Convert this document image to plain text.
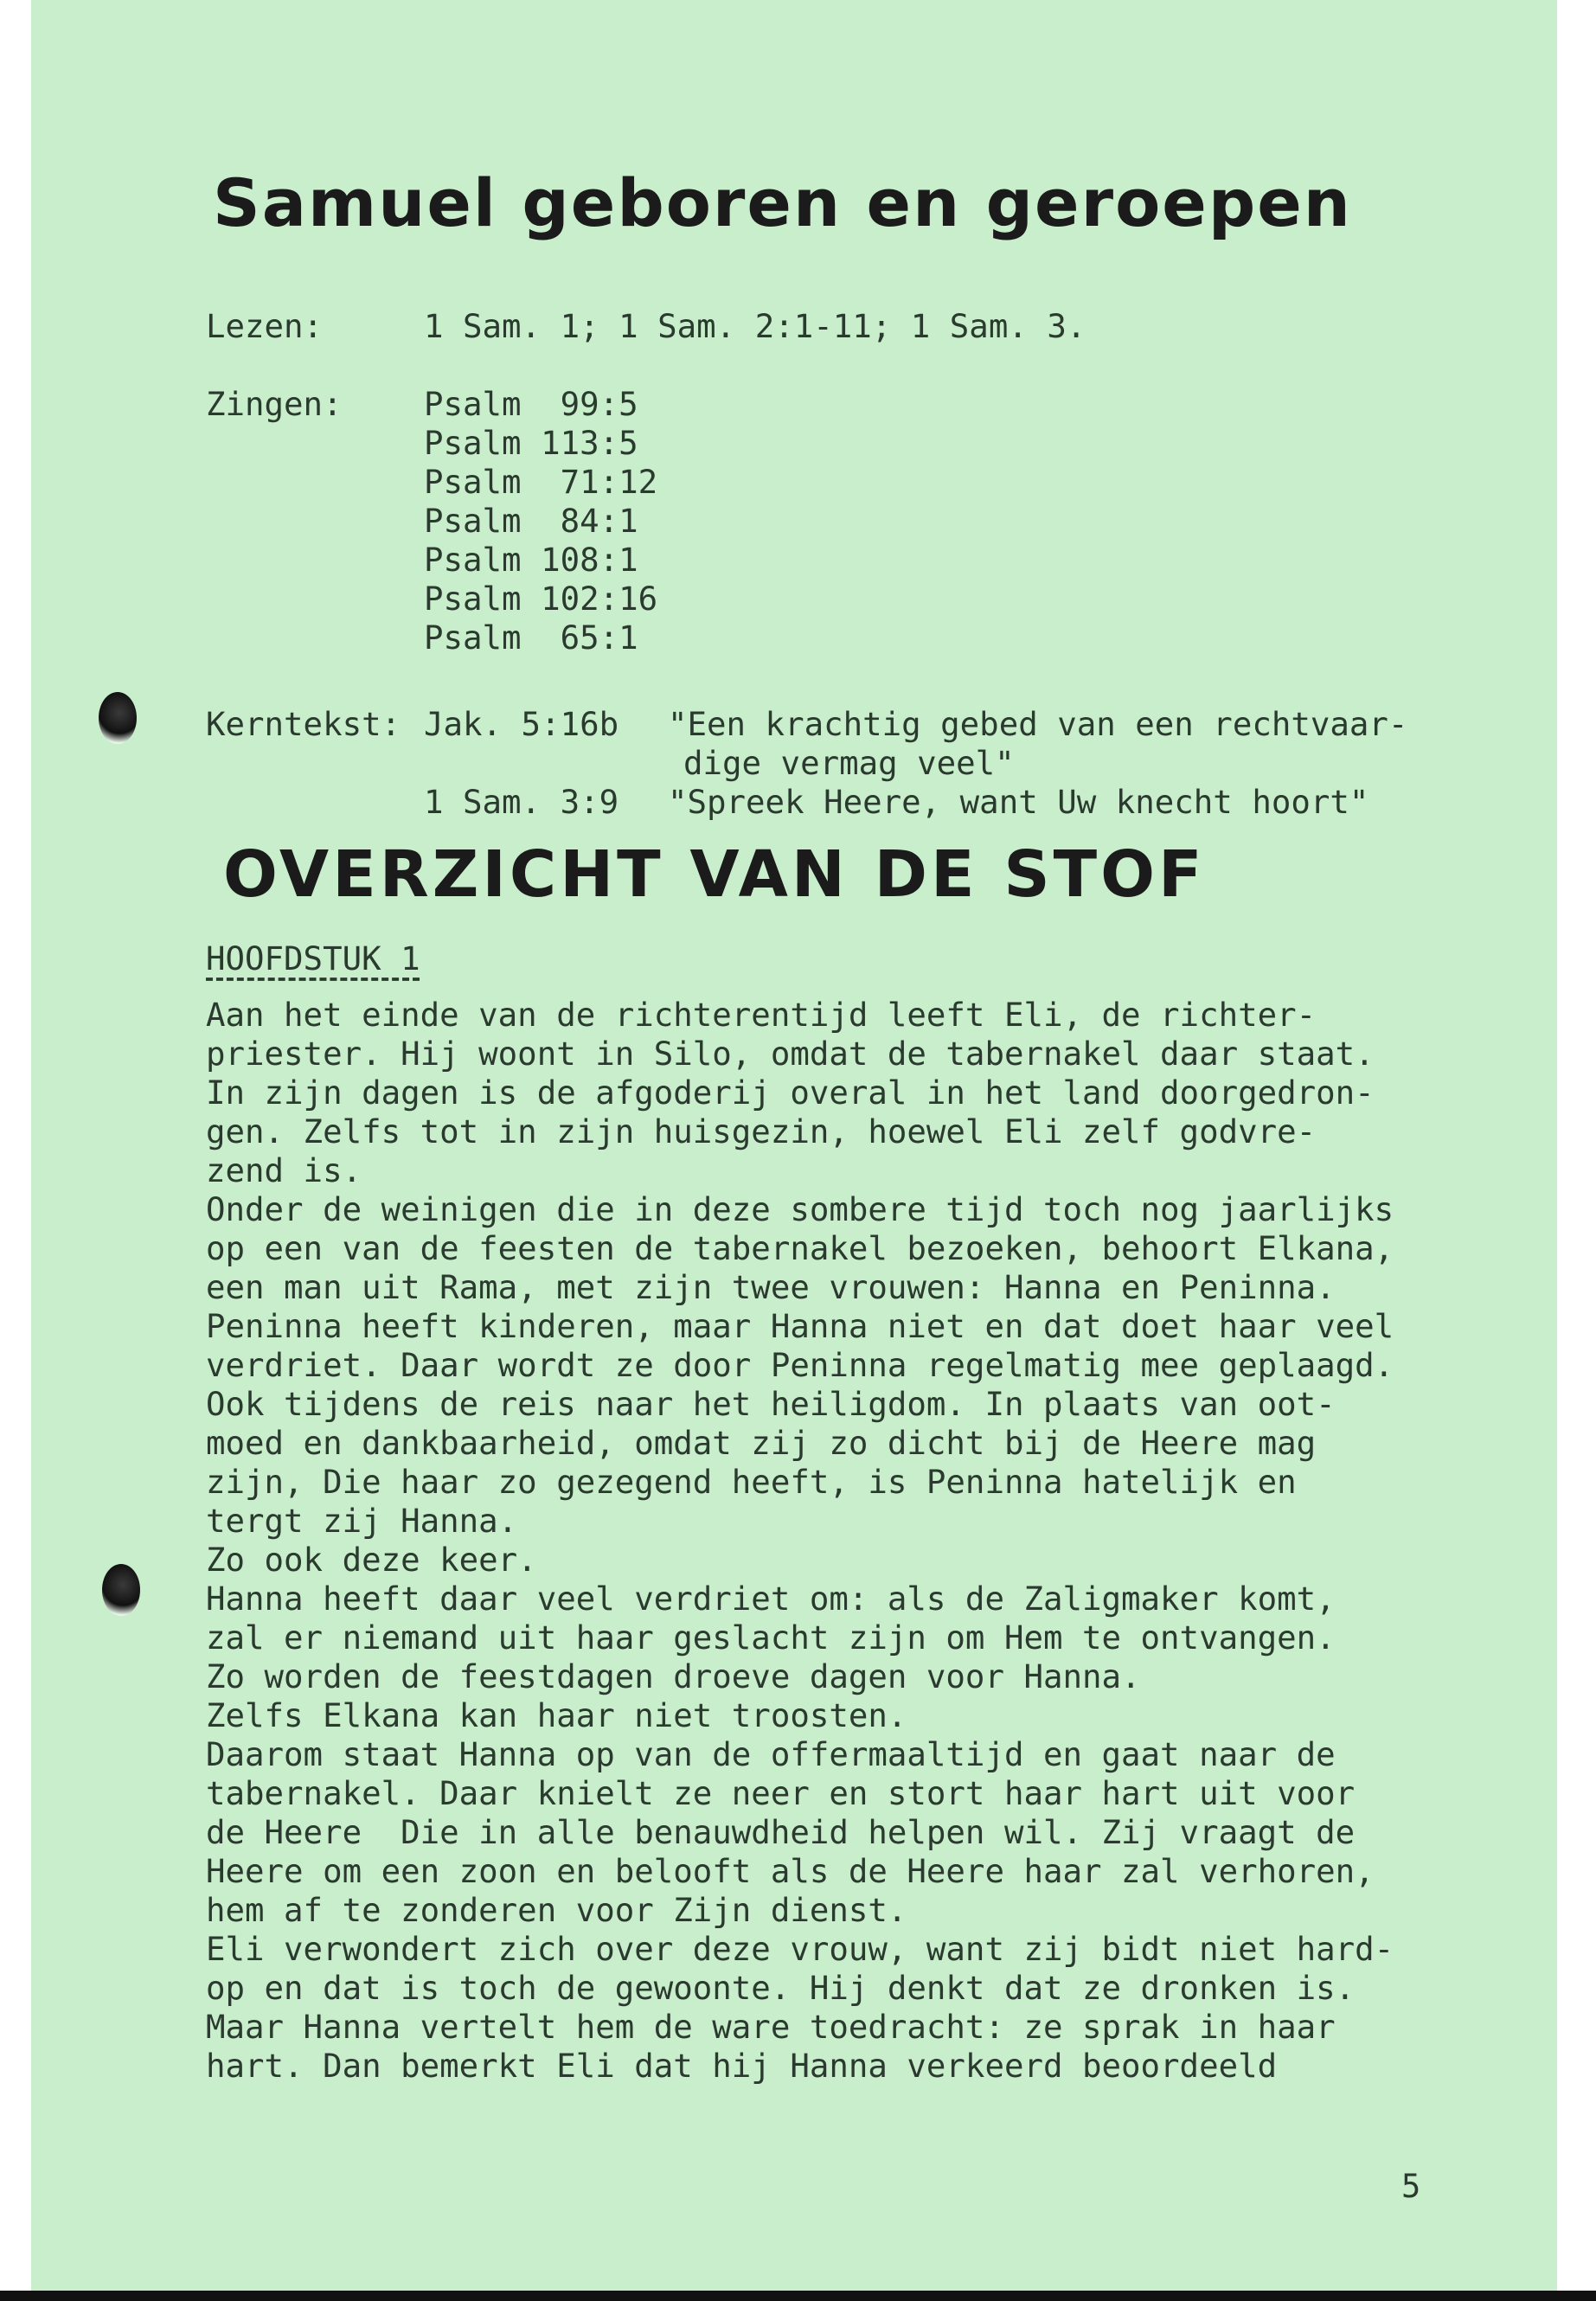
Samuel geboren en geroepen
Lezen:	1 Sam. 1; 1 Sam. 2:1-11; 1 Sam. 3.
Zingen:	Psalm  99:5
Psalm 113:5
Psalm  71:12
Psalm  84:1
Psalm 108:1
Psalm 102:16
Psalm  65:1
Kerntekst: Jak. 5:16b "Een krachtig gebed van een rechtvaar-
dige vermag veel"
1 Sam. 3:9 "Spreek Heere, want Uw knecht hoort"
OVERZICHT VAN DE STOF
HOOFDSTUK 1

Aan het einde van de richterentijd leeft Eli, de richter-

priester. Hij woont in Silo, omdat de tabernakel daar staat.

In zijn dagen is de afgoderij overal in het land doorgedron-

gen. Zelfs tot in zijn huisgezin, hoewel Eli zelf godvre-

zend is.

Onder de weinigen die in deze sombere tijd toch nog jaarlijks

op een van de feesten de tabernakel bezoeken, behoort Elkana,

een man uit Rama, met zijn twee vrouwen: Hanna en Peninna.

Peninna heeft kinderen, maar Hanna niet en dat doet haar veel

verdriet. Daar wordt ze door Peninna regelmatig mee geplaagd.

Ook tijdens de reis naar het heiligdom. In plaats van oot-

moed en dankbaarheid, omdat zij zo dicht bij de Heere mag

zijn, Die haar zo gezegend heeft, is Peninna hatelijk en

tergt zij Hanna.

Zo ook deze keer.

Hanna heeft daar veel verdriet om: als de Zaligmaker komt,

zal er niemand uit haar geslacht zijn om Hem te ontvangen.

Zo worden de feestdagen droeve dagen voor Hanna.

Zelfs Elkana kan haar niet troosten.

Daarom staat Hanna op van de offermaaltijd en gaat naar de

tabernakel. Daar knielt ze neer en stort haar hart uit voor

de Heere  Die in alle benauwdheid helpen wil. Zij vraagt de

Heere om een zoon en belooft als de Heere haar zal verhoren,

hem af te zonderen voor Zijn dienst.

Eli verwondert zich over deze vrouw, want zij bidt niet hard-

op en dat is toch de gewoonte. Hij denkt dat ze dronken is.

Maar Hanna vertelt hem de ware toedracht: ze sprak in haar

hart. Dan bemerkt Eli dat hij Hanna verkeerd beoordeeld

5
